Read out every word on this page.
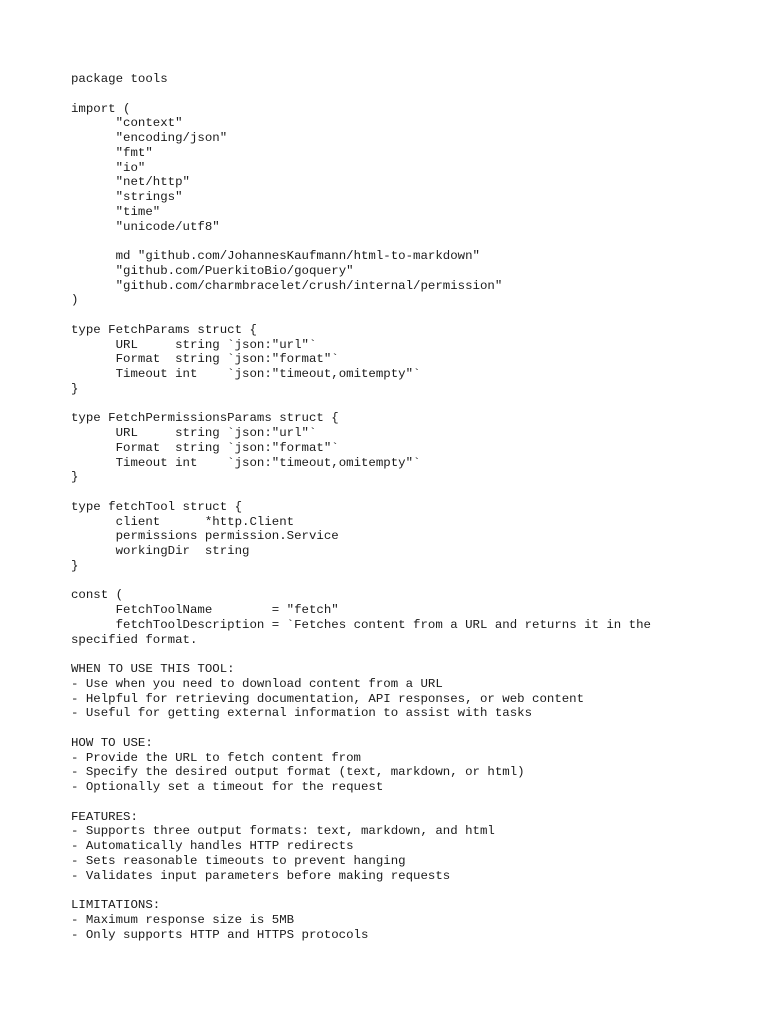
package tools
import (
	"context"
	"encoding/json"
	"fmt"
	"io"
	"net/http"
	"strings"
	"time"
	"unicode/utf8"
	md "github.com/JohannesKaufmann/html-to-markdown"
	"github.com/PuerkitoBio/goquery"
	"github.com/charmbracelet/crush/internal/permission"
)
type FetchParams struct {
	URL     string `json:"url"`
	Format  string `json:"format"`
	Timeout int    `json:"timeout,omitempty"`
}
type FetchPermissionsParams struct {
	URL     string `json:"url"`
	Format  string `json:"format"`
	Timeout int    `json:"timeout,omitempty"`
}
type fetchTool struct {
	client      *http.Client
	permissions permission.Service
	workingDir  string
}
const (
	FetchToolName        = "fetch"
	fetchToolDescription = `Fetches content from a URL and returns it in the
specified format.
WHEN TO USE THIS TOOL:
- Use when you need to download content from a URL
- Helpful for retrieving documentation, API responses, or web content
- Useful for getting external information to assist with tasks
HOW TO USE:
- Provide the URL to fetch content from
- Specify the desired output format (text, markdown, or html)
- Optionally set a timeout for the request
FEATURES:
- Supports three output formats: text, markdown, and html
- Automatically handles HTTP redirects
- Sets reasonable timeouts to prevent hanging
- Validates input parameters before making requests
LIMITATIONS:
- Maximum response size is 5MB
- Only supports HTTP and HTTPS protocols
